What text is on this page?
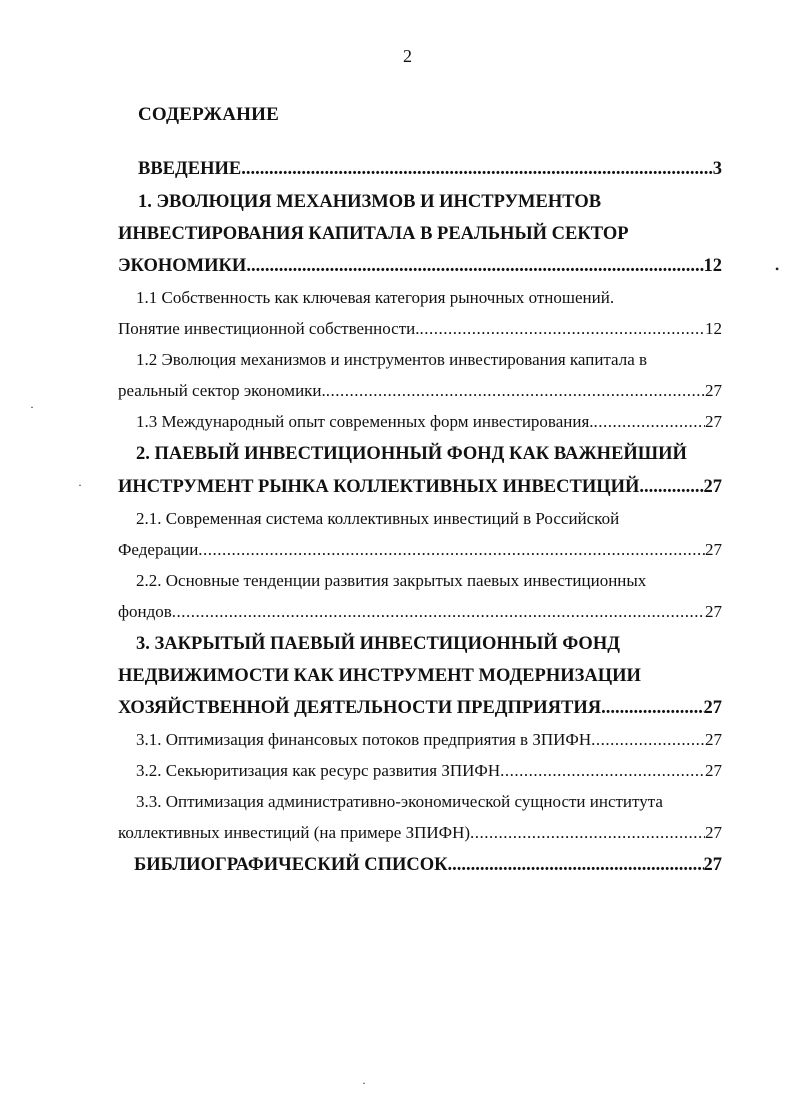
2
СОДЕРЖАНИЕ
ВВЕДЕНИЕ .....	3
1. ЭВОЛЮЦИЯ МЕХАНИЗМОВ И ИНСТРУМЕНТОВ
ИНВЕСТИРОВАНИЯ КАПИТАЛА В РЕАЛЬНЫЙ СЕКТОР
ЭКОНОМИКИ .....	12
1.1 Собственность как ключевая категория рыночных отношений.
Понятие инвестиционной собственности. .....	12
1.2 Эволюция механизмов и инструментов инвестирования капитала в
реальный сектор экономики. .....	27
1.3 Международный опыт современных форм инвестирования. .....	27
2. ПАЕВЫЙ ИНВЕСТИЦИОННЫЙ ФОНД КАК ВАЖНЕЙШИЙ
ИНСТРУМЕНТ РЫНКА КОЛЛЕКТИВНЫХ ИНВЕСТИЦИЙ .....	27
2.1. Современная система коллективных инвестиций в Российской
Федерации .....	27
2.2. Основные тенденции развития закрытых паевых инвестиционных
фондов .....	27
3. ЗАКРЫТЫЙ ПАЕВЫЙ ИНВЕСТИЦИОННЫЙ ФОНД
НЕДВИЖИМОСТИ КАК ИНСТРУМЕНТ МОДЕРНИЗАЦИИ
ХОЗЯЙСТВЕННОЙ ДЕЯТЕЛЬНОСТИ ПРЕДПРИЯТИЯ .....	27
3.1. Оптимизация финансовых потоков предприятия в ЗПИФН .....	27
3.2. Секьюритизация как ресурс развития ЗПИФН .....	27
3.3. Оптимизация административно-экономической сущности института
коллективных инвестиций (на примере ЗПИФН) .....	27
БИБЛИОГРАФИЧЕСКИЙ СПИСОК .....	27
•
·
·
·
